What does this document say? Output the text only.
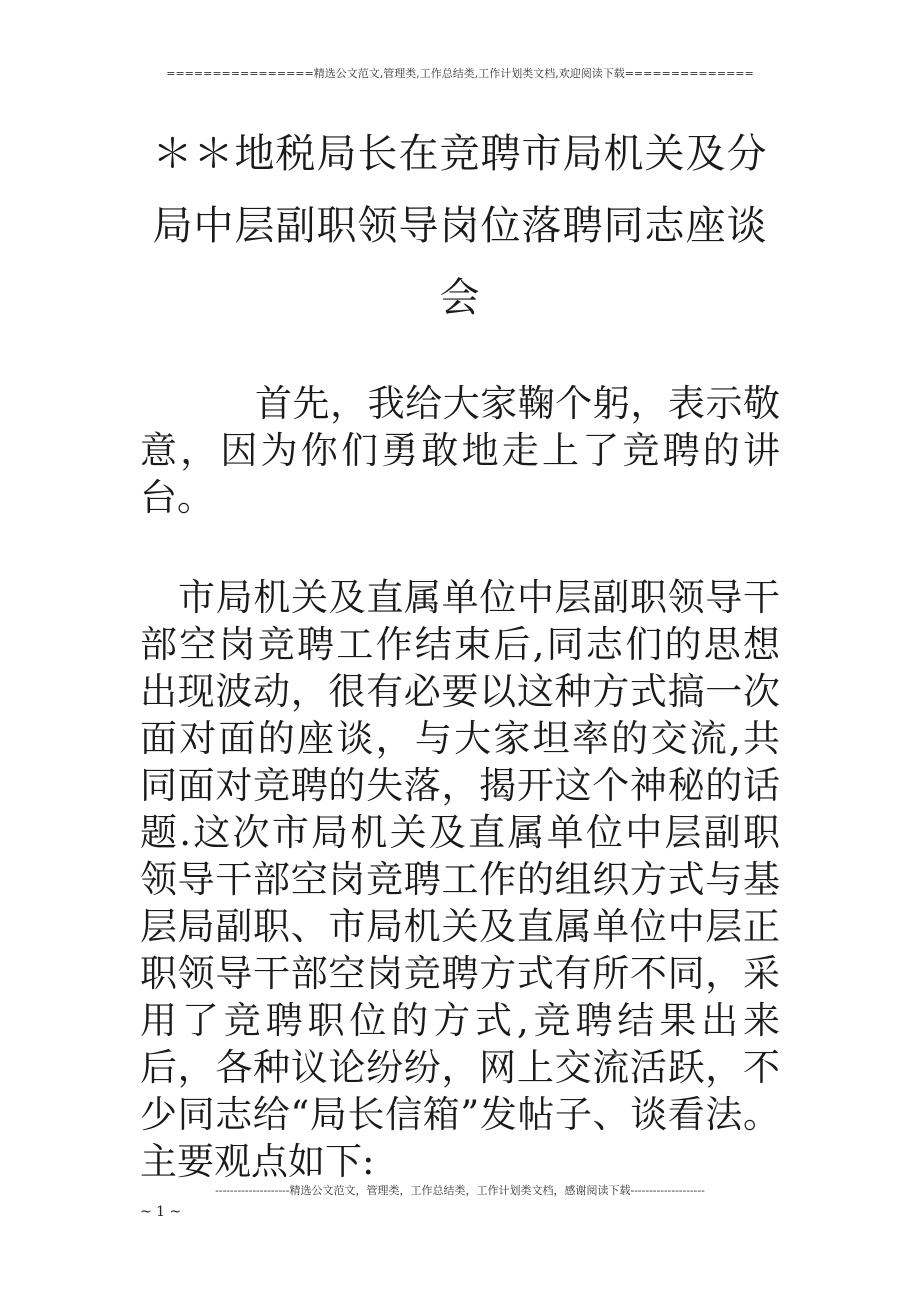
================精选公文范文,管理类,工作总结类,工作计划类文档,欢迎阅读下载==============
＊＊地税局长在竞聘市局机关及分局中层副职领导岗位落聘同志座谈会

首先，我给大家鞠个躬，表示敬意，因为你们勇敢地走上了竞聘的讲台。

市局机关及直属单位中层副职领导干部空岗竞聘工作结束后,同志们的思想出现波动，很有必要以这种方式搞一次面对面的座谈，与大家坦率的交流,共同面对竞聘的失落，揭开这个神秘的话题.这次市局机关及直属单位中层副职领导干部空岗竞聘工作的组织方式与基层局副职、市局机关及直属单位中层正职领导干部空岗竞聘方式有所不同，采用了竞聘职位的方式,竞聘结果出来后，各种议论纷纷，网上交流活跃，不少同志给“局长信箱”发帖子、谈看法。主要观点如下:

--------------------精选公文范文，管理类，工作总结类，工作计划类文档，感谢阅读下载--------------------
~ 1 ~
